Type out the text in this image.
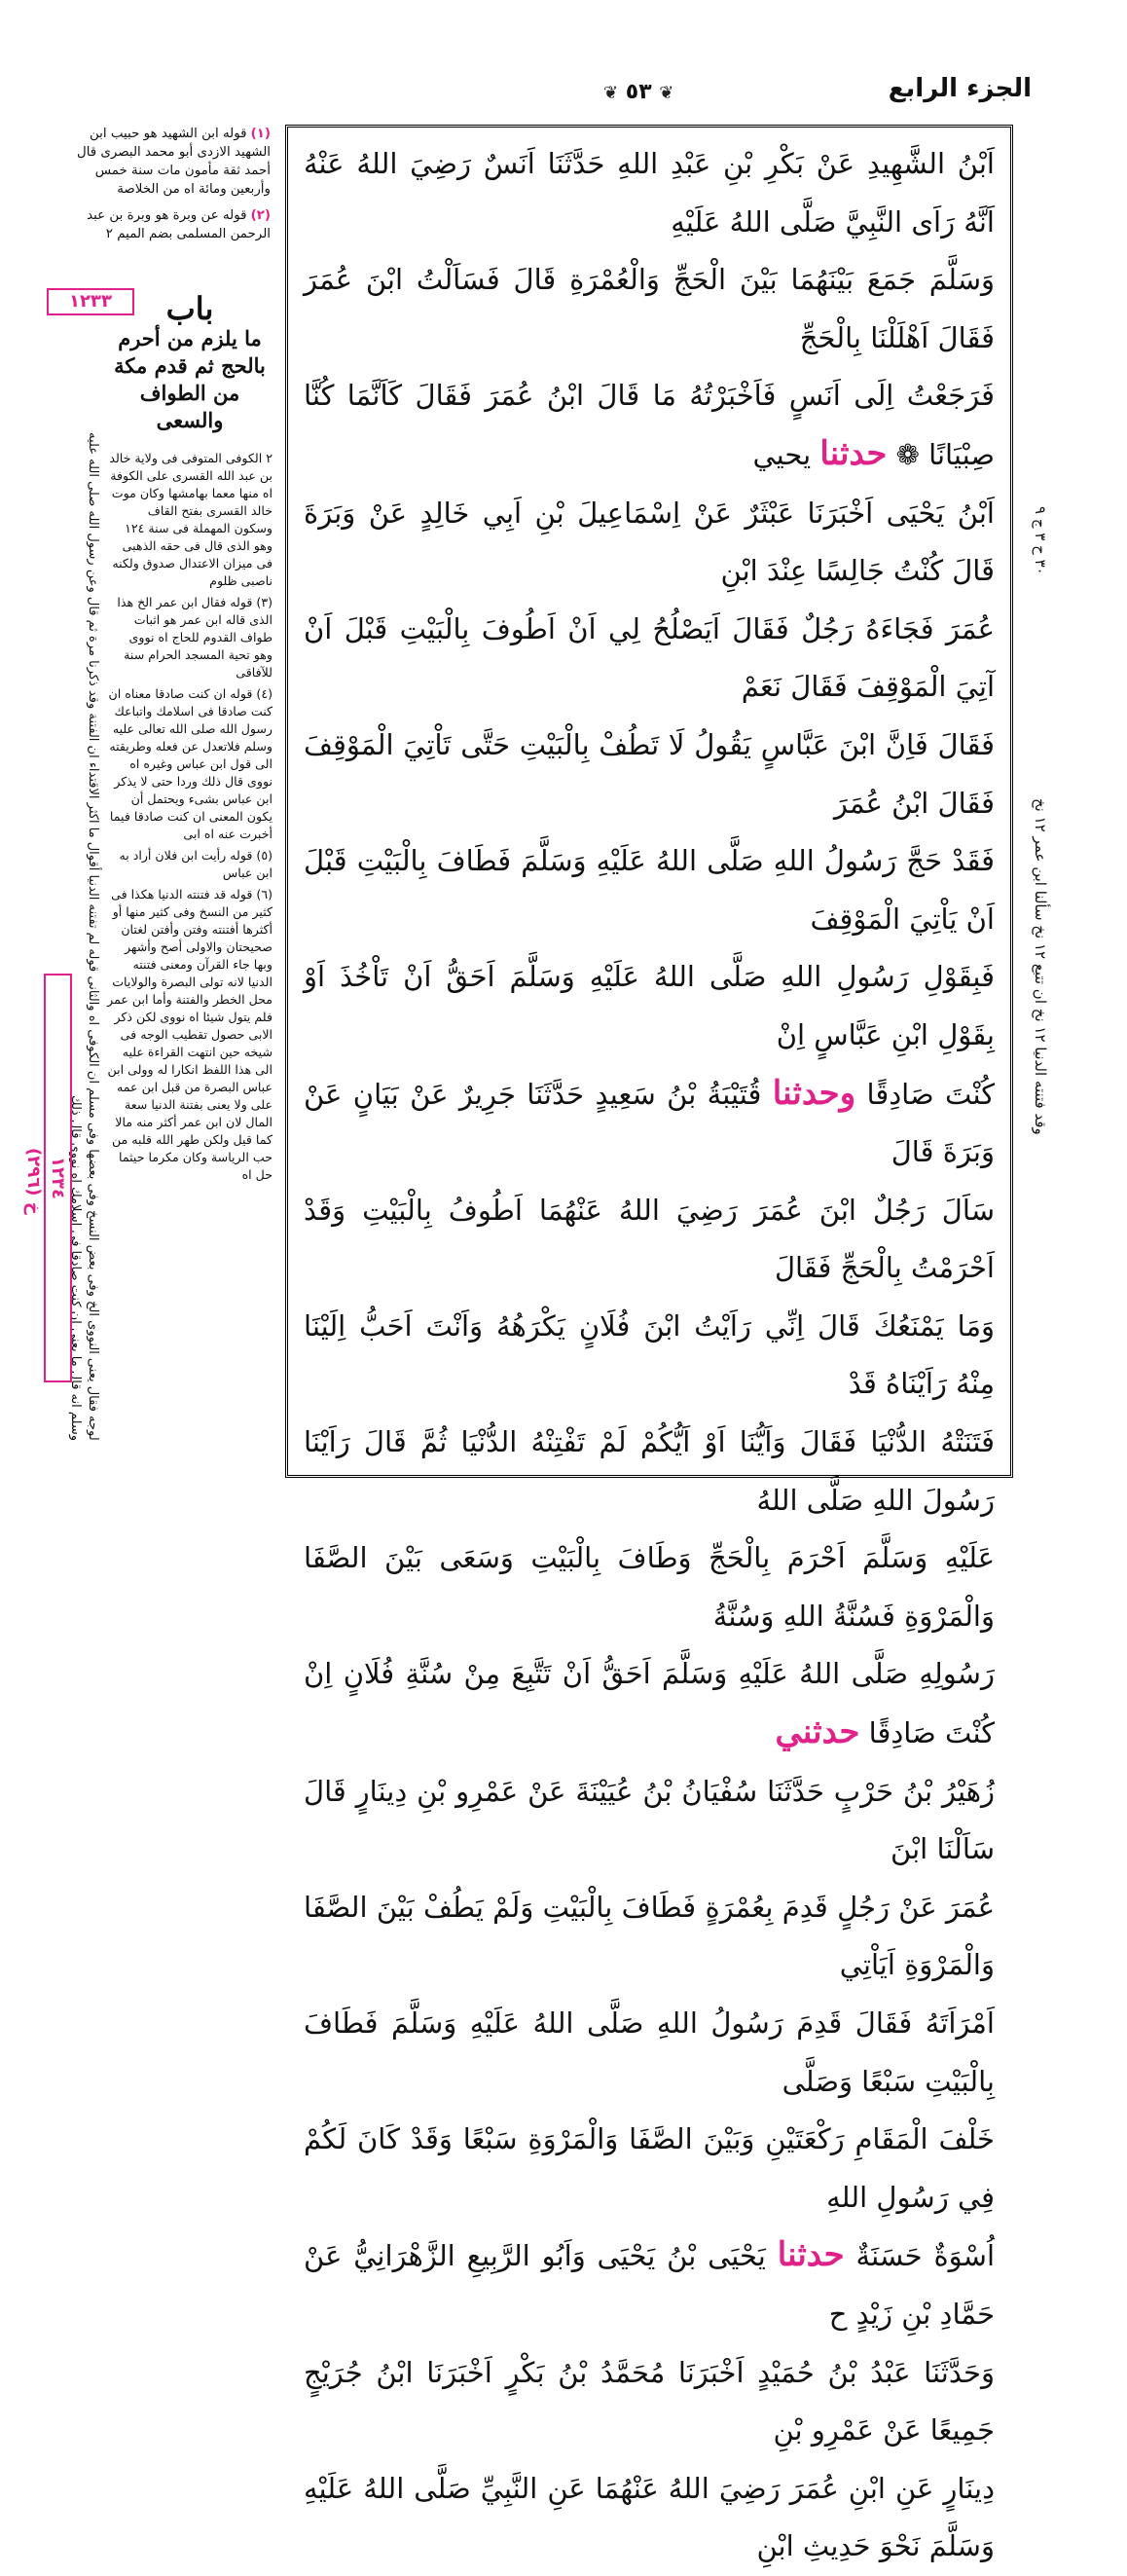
الجزء الرابع
❦ ٥٣ ❦

اَبْنُ الشَّهِيدِ عَنْ بَكْرِ بْنِ عَبْدِ اللهِ حَدَّثَنَا اَنَسٌ رَضِيَ اللهُ عَنْهُ اَنَّهُ رَاَى النَّبِيَّ صَلَّى اللهُ عَلَيْهِ

وَسَلَّمَ جَمَعَ بَيْنَهُمَا بَيْنَ الْحَجِّ وَالْعُمْرَةِ قَالَ فَسَاَلْتُ ابْنَ عُمَرَ فَقَالَ اَهْلَلْنَا بِالْحَجِّ

فَرَجَعْتُ اِلَى اَنَسٍ فَاَخْبَرْتُهُ مَا قَالَ ابْنُ عُمَرَ فَقَالَ كَاَنَّمَا كُنَّا صِبْيَانًا ❁ حدثنا يحيي

اَبْنُ يَحْيَى اَخْبَرَنَا عَبْثَرٌ عَنْ اِسْمَاعِيلَ بْنِ اَبِي خَالِدٍ عَنْ وَبَرَةَ قَالَ كُنْتُ جَالِسًا عِنْدَ ابْنِ

عُمَرَ فَجَاءَهُ رَجُلٌ فَقَالَ اَيَصْلُحُ لِي اَنْ اَطُوفَ بِالْبَيْتِ قَبْلَ اَنْ آتِيَ الْمَوْقِفَ فَقَالَ نَعَمْ

فَقَالَ فَاِنَّ ابْنَ عَبَّاسٍ يَقُولُ لَا تَطُفْ بِالْبَيْتِ حَتَّى تَاْتِيَ الْمَوْقِفَ فَقَالَ ابْنُ عُمَرَ

فَقَدْ حَجَّ رَسُولُ اللهِ صَلَّى اللهُ عَلَيْهِ وَسَلَّمَ فَطَافَ بِالْبَيْتِ قَبْلَ اَنْ يَاْتِيَ الْمَوْقِفَ

فَبِقَوْلِ رَسُولِ اللهِ صَلَّى اللهُ عَلَيْهِ وَسَلَّمَ اَحَقُّ اَنْ تَاْخُذَ اَوْ بِقَوْلِ ابْنِ عَبَّاسٍ اِنْ

كُنْتَ صَادِقًا وحدثنا قُتَيْبَةُ بْنُ سَعِيدٍ حَدَّثَنَا جَرِيرٌ عَنْ بَيَانٍ عَنْ وَبَرَةَ قَالَ

سَاَلَ رَجُلٌ ابْنَ عُمَرَ رَضِيَ اللهُ عَنْهُمَا اَطُوفُ بِالْبَيْتِ وَقَدْ اَحْرَمْتُ بِالْحَجِّ فَقَالَ

وَمَا يَمْنَعُكَ قَالَ اِنِّي رَاَيْتُ ابْنَ فُلَانٍ يَكْرَهُهُ وَاَنْتَ اَحَبُّ اِلَيْنَا مِنْهُ رَاَيْنَاهُ قَدْ

فَتَنَتْهُ الدُّنْيَا فَقَالَ وَاَيُّنَا اَوْ اَيُّكُمْ لَمْ تَفْتِنْهُ الدُّنْيَا ثُمَّ قَالَ رَاَيْنَا رَسُولَ اللهِ صَلَّى اللهُ

عَلَيْهِ وَسَلَّمَ اَحْرَمَ بِالْحَجِّ وَطَافَ بِالْبَيْتِ وَسَعَى بَيْنَ الصَّفَا وَالْمَرْوَةِ فَسُنَّةُ اللهِ وَسُنَّةُ

رَسُولِهِ صَلَّى اللهُ عَلَيْهِ وَسَلَّمَ اَحَقُّ اَنْ تَتَّبِعَ مِنْ سُنَّةِ فُلَانٍ اِنْ كُنْتَ صَادِقًا حدثني

زُهَيْرُ بْنُ حَرْبٍ حَدَّثَنَا سُفْيَانُ بْنُ عُيَيْنَةَ عَنْ عَمْرِو بْنِ دِينَارٍ قَالَ سَاَلْنَا ابْنَ

عُمَرَ عَنْ رَجُلٍ قَدِمَ بِعُمْرَةٍ فَطَافَ بِالْبَيْتِ وَلَمْ يَطُفْ بَيْنَ الصَّفَا وَالْمَرْوَةِ اَيَاْتِي

اَمْرَاَتَهُ فَقَالَ قَدِمَ رَسُولُ اللهِ صَلَّى اللهُ عَلَيْهِ وَسَلَّمَ فَطَافَ بِالْبَيْتِ سَبْعًا وَصَلَّى

خَلْفَ الْمَقَامِ رَكْعَتَيْنِ وَبَيْنَ الصَّفَا وَالْمَرْوَةِ سَبْعًا وَقَدْ كَانَ لَكُمْ فِي رَسُولِ اللهِ

اُسْوَةٌ حَسَنَةٌ حدثنا يَحْيَى بْنُ يَحْيَى وَاَبُو الرَّبِيعِ الزَّهْرَانِيُّ عَنْ حَمَّادِ بْنِ زَيْدٍ ح

وَحَدَّثَنَا عَبْدُ بْنُ حُمَيْدٍ اَخْبَرَنَا مُحَمَّدُ بْنُ بَكْرٍ اَخْبَرَنَا ابْنُ جُرَيْجٍ جَمِيعًا عَنْ عَمْرِو بْنِ

دِينَارٍ عَنِ ابْنِ عُمَرَ رَضِيَ اللهُ عَنْهُمَا عَنِ النَّبِيِّ صَلَّى اللهُ عَلَيْهِ وَسَلَّمَ نَحْوَ حَدِيثِ ابْنِ

(١)قوله ابن الشهيد هو حبيب ابن الشهيد الازدى أبو محمد البصرى قال أحمد ثقة مأمون مات سنة خمس وأربعين ومائة اه من الخلاصة

(٢)قوله عن وبرة هو وبرة بن عبد الرحمن المسلمى بضم الميم ٢

١٢٣٣	باب
ما يلزم من أحرم بالحج ثم قدم مكة من الطواف والسعى

٢ الكوفى المتوفى فى ولاية خالد بن عبد الله القسرى على الكوفة اه منها معما بهامشها وكان موت خالد القسرى بفتح القاف وسكون المهملة فى سنة ١٢٤ وهو الذى قال فى حقه الذهبى فى ميزان الاعتدال صدوق ولكنه ناصبى ظلوم

(٣) قوله فقال ابن عمر الخ هذا الذى قاله ابن عمر هو اثبات طواف القدوم للحاج اه نووى وهو تحية المسجد الحرام سنة للآفاقى

(٤) قوله ان كنت صادقا معناه ان كنت صادقا فى اسلامك واتباعك رسول الله صلى الله تعالى عليه وسلم فلاتعدل عن فعله وطريقته الى قول ابن عباس وغيره اه نووى قال ذلك وردا حتى لا يذكر ابن عباس بشىء ويحتمل أن يكون المعنى ان كنت صادقا فيما أخبرت عنه اه ابى

(٥) قوله رأيت ابن فلان أراد به ابن عباس

(٦) قوله قد فتنته الدنيا هكذا فى كثير من النسخ وفى كثير منها أو أكثرها أفتنته وفتن وأفتن لغتان صحيحتان والاولى أصح وأشهر وبها جاء القرآن ومعنى فتنته الدنيا لانه تولى البصرة والولايات محل الخطر والفتنة وأما ابن عمر فلم يتول شيئا اه نووى لكن ذكر الابى حصول تقطيب الوجه فى شيخه حين انتهت القراءة عليه الى هذا اللفظ انكارا له وولى ابن عباس البصرة من قبل ابن عمه على ولا يعنى بفتنة الدنيا سعة المال لان ابن عمر أكثر منه مالا كما قيل ولكن طهر الله قلبه من حب الرياسة وكان مكرما حيثما حل اه

لوجه فقال يعنى النووى الخ وفى بعض النسخ وفى بعضها وفى مسلم ان الكوفى اه والثانى قوله لم تفتنه الدنيا أقوال ما اكثر الاقتداء ان الفتنة وقد ذكرنا مرة ثم قال وعن رسول الله صلى الله عليه وسلم انه قال ما يعنى ان كنت صادقا فى اسلامك اه نووى قال ذلك
١٢٣٤
(٢٩٦) خ
٣٠ ح ٣ ج ٩
وقد فتنته الدنيا ١٢ نخ ان تتبع ١٢ نخ سألنا ابن عمر ١٢ نخ
